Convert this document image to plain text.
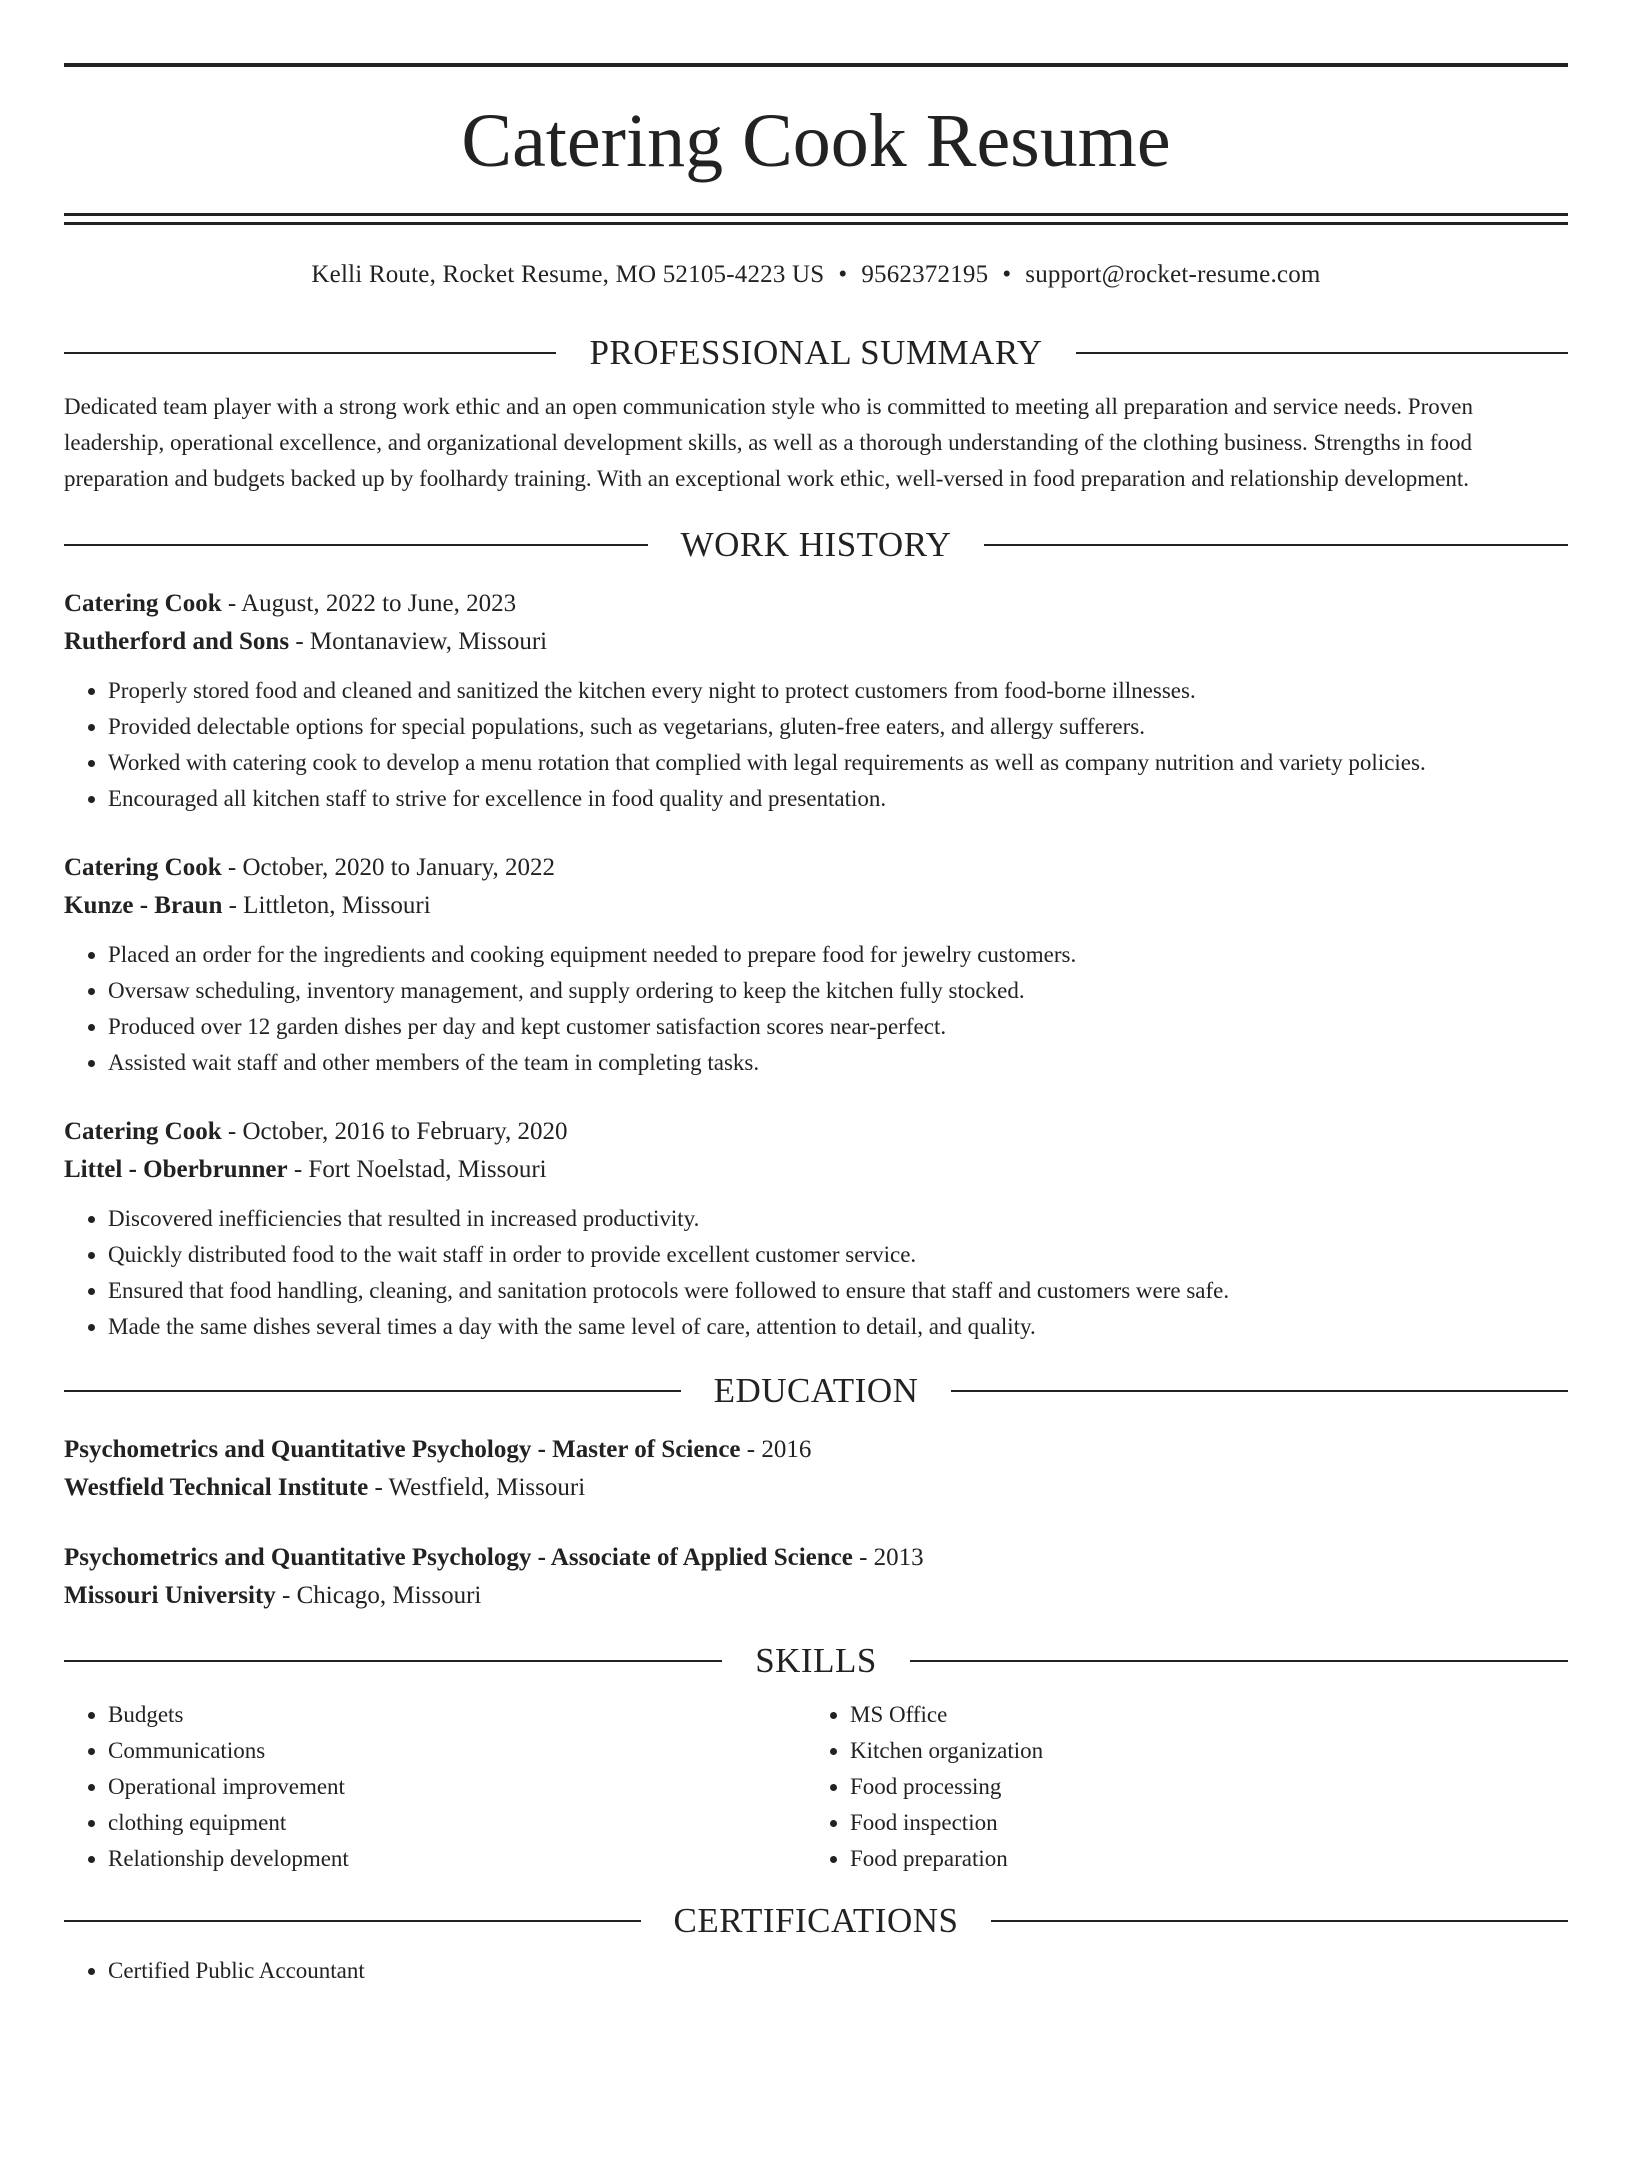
Catering Cook Resume
Kelli Route, Rocket Resume, MO 52105-4223 US • 9562372195 • support@rocket-resume.com
PROFESSIONAL SUMMARY

Dedicated team player with a strong work ethic and an open communication style who is committed to meeting all preparation and service needs. Proven leadership, operational excellence, and organizational development skills, as well as a thorough understanding of the clothing business. Strengths in food preparation and budgets backed up by foolhardy training. With an exceptional work ethic, well-versed in food preparation and relationship development.

WORK HISTORY
Catering Cook - August, 2022 to June, 2023
Rutherford and Sons - Montanaview, Missouri
• Properly stored food and cleaned and sanitized the kitchen every night to protect customers from food-borne illnesses.
• Provided delectable options for special populations, such as vegetarians, gluten-free eaters, and allergy sufferers.
• Worked with catering cook to develop a menu rotation that complied with legal requirements as well as company nutrition and variety policies.
• Encouraged all kitchen staff to strive for excellence in food quality and presentation.
Catering Cook - October, 2020 to January, 2022
Kunze - Braun - Littleton, Missouri
• Placed an order for the ingredients and cooking equipment needed to prepare food for jewelry customers.
• Oversaw scheduling, inventory management, and supply ordering to keep the kitchen fully stocked.
• Produced over 12 garden dishes per day and kept customer satisfaction scores near-perfect.
• Assisted wait staff and other members of the team in completing tasks.
Catering Cook - October, 2016 to February, 2020
Littel - Oberbrunner - Fort Noelstad, Missouri
• Discovered inefficiencies that resulted in increased productivity.
• Quickly distributed food to the wait staff in order to provide excellent customer service.
• Ensured that food handling, cleaning, and sanitation protocols were followed to ensure that staff and customers were safe.
• Made the same dishes several times a day with the same level of care, attention to detail, and quality.
EDUCATION
Psychometrics and Quantitative Psychology - Master of Science - 2016
Westfield Technical Institute - Westfield, Missouri
Psychometrics and Quantitative Psychology - Associate of Applied Science - 2013
Missouri University - Chicago, Missouri
SKILLS
• Budgets
• Communications
• Operational improvement
• clothing equipment
• Relationship development
• MS Office
• Kitchen organization
• Food processing
• Food inspection
• Food preparation
CERTIFICATIONS
• Certified Public Accountant
